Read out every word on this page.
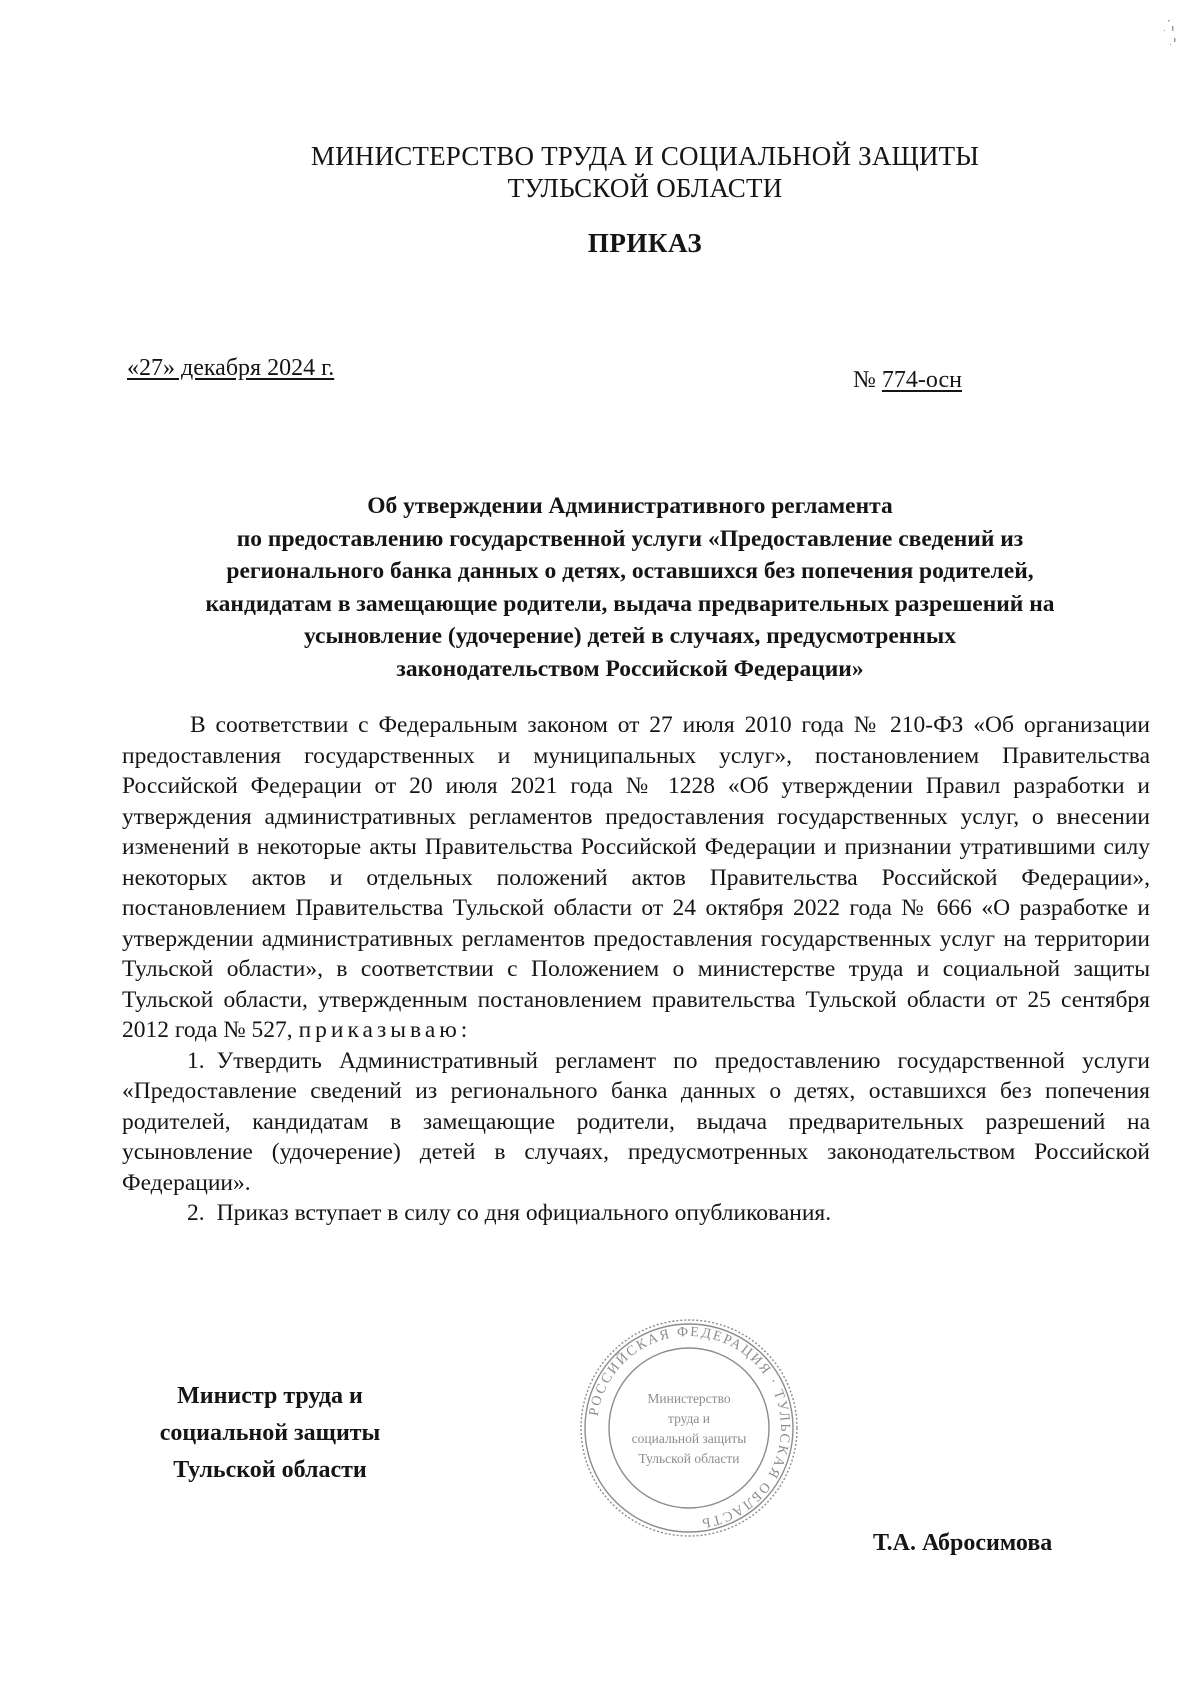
МИНИСТЕРСТВО ТРУДА И СОЦИАЛЬНОЙ ЗАЩИТЫ
ТУЛЬСКОЙ ОБЛАСТИ
ПРИКАЗ
«27» декабря 2024 г.	№ 774-осн
Об утверждении Административного регламента
по предоставлению государственной услуги «Предоставление сведений из
регионального банка данных о детях, оставшихся без попечения родителей,
кандидатам в замещающие родители, выдача предварительных разрешений на
усыновление (удочерение) детей в случаях, предусмотренных
законодательством Российской Федерации»

В соответствии с Федеральным законом от 27 июля 2010 года № 210-ФЗ «Об организации предоставления государственных и муниципальных услуг», постановлением Правительства Российской Федерации от 20 июля 2021 года № 1228 «Об утверждении Правил разработки и утверждения административных регламентов предоставления государственных услуг, о внесении изменений в некоторые акты Правительства Российской Федерации и признании утратившими силу некоторых актов и отдельных положений актов Правительства Российской Федерации», постановлением Правительства Тульской области от 24 октября 2022 года № 666 «О разработке и утверждении административных регламентов предоставления государственных услуг на территории Тульской области», в соответствии с Положением о министерстве труда и социальной защиты Тульской области, утвержденным постановлением правительства Тульской области от 25 сентября 2012 года № 527, приказываю:

1. Утвердить Административный регламент по предоставлению государственной услуги «Предоставление сведений из регионального банка данных о детях, оставшихся без попечения родителей, кандидатам в замещающие родители, выдача предварительных разрешений на усыновление (удочерение) детей в случаях, предусмотренных законодательством Российской Федерации».

2. Приказ вступает в силу со дня официального опубликования.

Министр труда и
социальной защиты
Тульской области
РОССИЙСКАЯ ФЕДЕРАЦИЯ · ТУЛЬСКАЯ ОБЛАСТЬ
Министерство
труда и
социальной защиты
Тульской области
Т.А. Абросимова
